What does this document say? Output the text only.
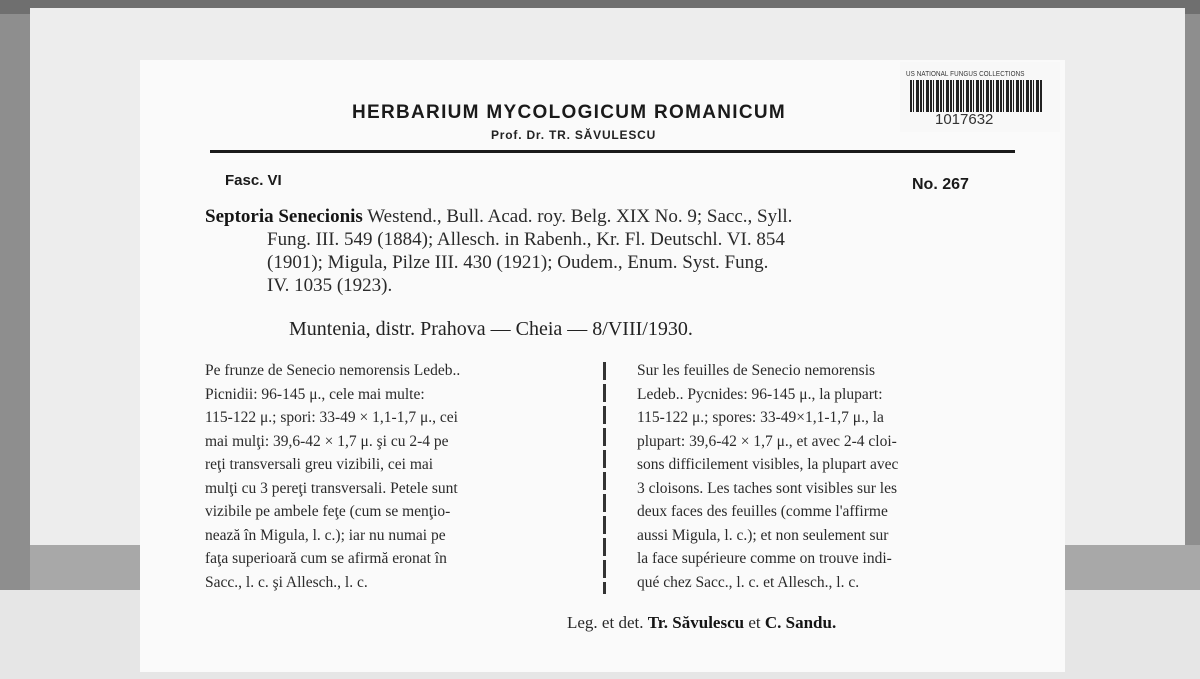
US NATIONAL FUNGUS COLLECTIONS
1017632
HERBARIUM MYCOLOGICUM ROMANICUM
Prof. Dr. TR. SĂVULESCU
Fasc. VI	No. 267
Septoria Senecionis Westend., Bull. Acad. roy. Belg. XIX No. 9; Sacc., Syll.
Fung. III. 549 (1884); Allesch. in Rabenh., Kr. Fl. Deutschl. VI. 854
(1901); Migula, Pilze III. 430 (1921); Oudem., Enum. Syst. Fung.
IV. 1035 (1923).
Muntenia, distr. Prahova — Cheia — 8/VIII/1930.
Pe frunze de Senecio nemorensis Ledeb..
Picnidii: 96-145 μ., cele mai multe:
115-122 μ.; spori: 33-49 × 1,1-1,7 μ., cei
mai mulţi: 39,6-42 × 1,7 μ. şi cu 2-4 pe
reţi transversali greu vizibili, cei mai
mulţi cu 3 pereţi transversali. Petele sunt
vizibile pe ambele feţe (cum se menţio-
nează în Migula, l. c.); iar nu numai pe
faţa superioară cum se afirmă eronat în
Sacc., l. c. şi Allesch., l. c.
Sur les feuilles de Senecio nemorensis
Ledeb.. Pycnides: 96-145 μ., la plupart:
115-122 μ.; spores: 33-49×1,1-1,7 μ., la
plupart: 39,6-42 × 1,7 μ., et avec 2-4 cloi-
sons difficilement visibles, la plupart avec
3 cloisons. Les taches sont visibles sur les
deux faces des feuilles (comme l'affirme
aussi Migula, l. c.); et non seulement sur
la face supérieure comme on trouve indi-
qué chez Sacc., l. c. et Allesch., l. c.
Leg. et det. Tr. Săvulescu et C. Sandu.
